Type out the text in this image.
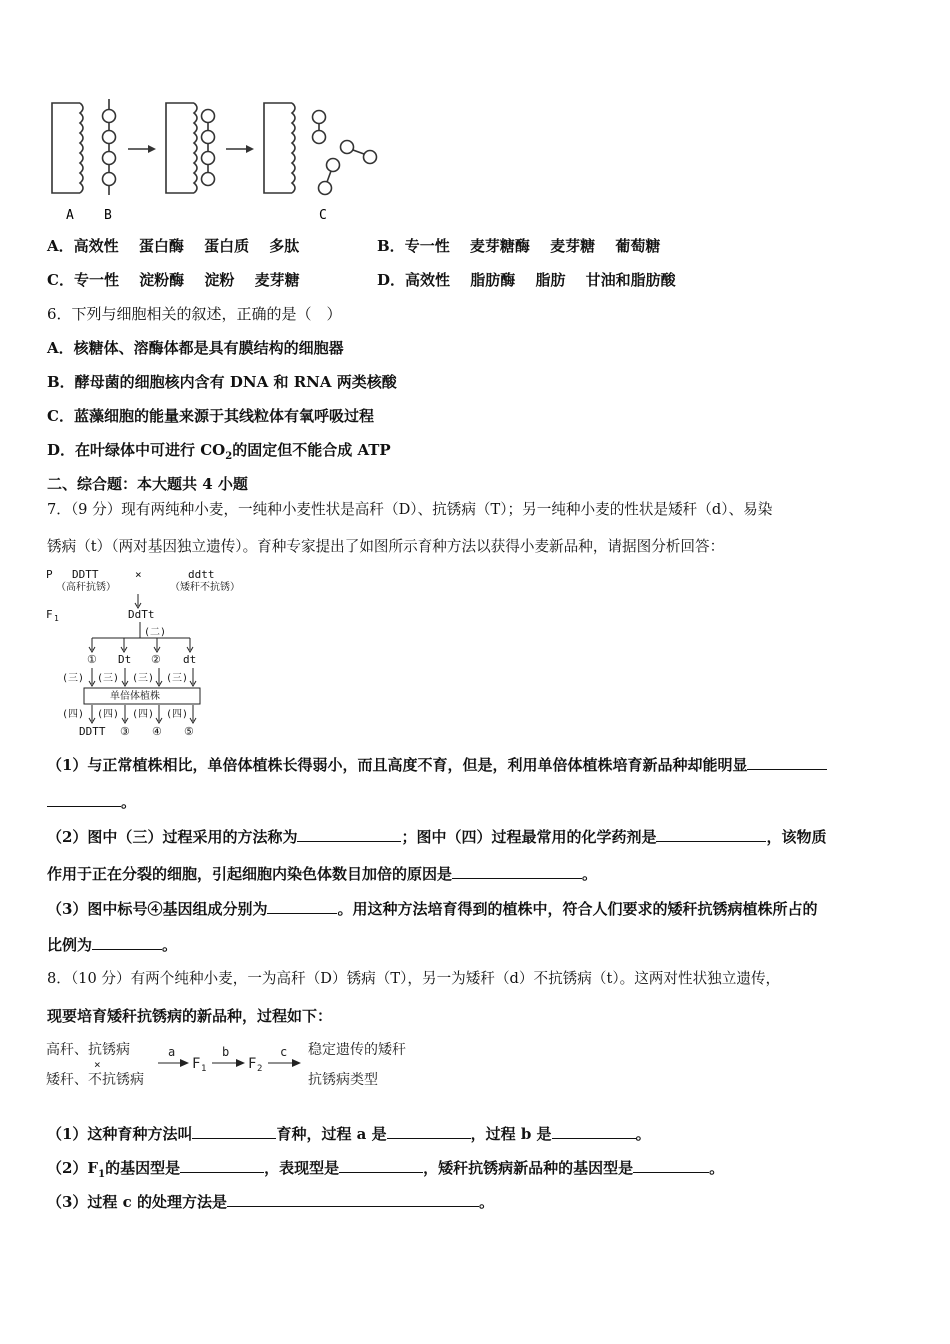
A B	C
A．高效性　 蛋白酶　 蛋白质　 多肽	B．专一性　 麦芽糖酶　 麦芽糖　 葡萄糖
C．专一性　 淀粉酶　 淀粉　 麦芽糖	D．高效性　 脂肪酶　 脂肪　 甘油和脂肪酸
6．下列与细胞相关的叙述，正确的是（　）
A．核糖体、溶酶体都是具有膜结构的细胞器
B．酵母菌的细胞核内含有 DNA 和 RNA 两类核酸
C．蓝藻细胞的能量来源于其线粒体有氧呼吸过程
D．在叶绿体中可进行 $CO_2$的固定但不能合成 ATP
二、综合题：本大题共 4 小题
7．（9 分）现有两纯种小麦，一纯种小麦性状是高秆（D）、抗锈病（T）；另一纯种小麦的性状是矮秆（d）、易染
锈病（t）（两对基因独立遗传）。育种专家提出了如图所示育种方法以获得小麦新品种，请据图分析回答：
P DDTT	×	ddtt
（高秆抗锈）	（矮秆不抗锈）
F 1	DdTt
(二)
① Dt ② dt
(三) (三) (三) (三)
单倍体植株
(四) (四) (四) (四)
DDTT ③ ④ ⑤
（1）与正常植株相比，单倍体植株长得弱小，而且高度不育，但是，利用单倍体植株培育新品种却能明显
。
（2）图中（三）过程采用的方法称为	；图中（四）过程最常用的化学药剂是	，该物质
作用于正在分裂的细胞，引起细胞内染色体数目加倍的原因是	。
（3）图中标号④基因组成分别为	。用这种方法培育得到的植株中，符合人们要求的矮秆抗锈病植株所占的
比例为	。
8．（10 分）有两个纯种小麦，一为高秆（D）锈病（T），另一为矮秆（d）不抗锈病（t）。这两对性状独立遗传，
现要培育矮秆抗锈病的新品种，过程如下：
高秆、抗锈病
×
矮秆、不抗锈病
a
F 1
b
F 2
c 稳定遗传的矮秆
抗锈病类型
（1）这种育种方法叫	育种，过程 a 是	，过程 b 是	。
$(2)F_1$的基因型是	，表现型是	，矮秆抗锈病新品种的基因型是	。
（3）过程 c 的处理方法是	。
